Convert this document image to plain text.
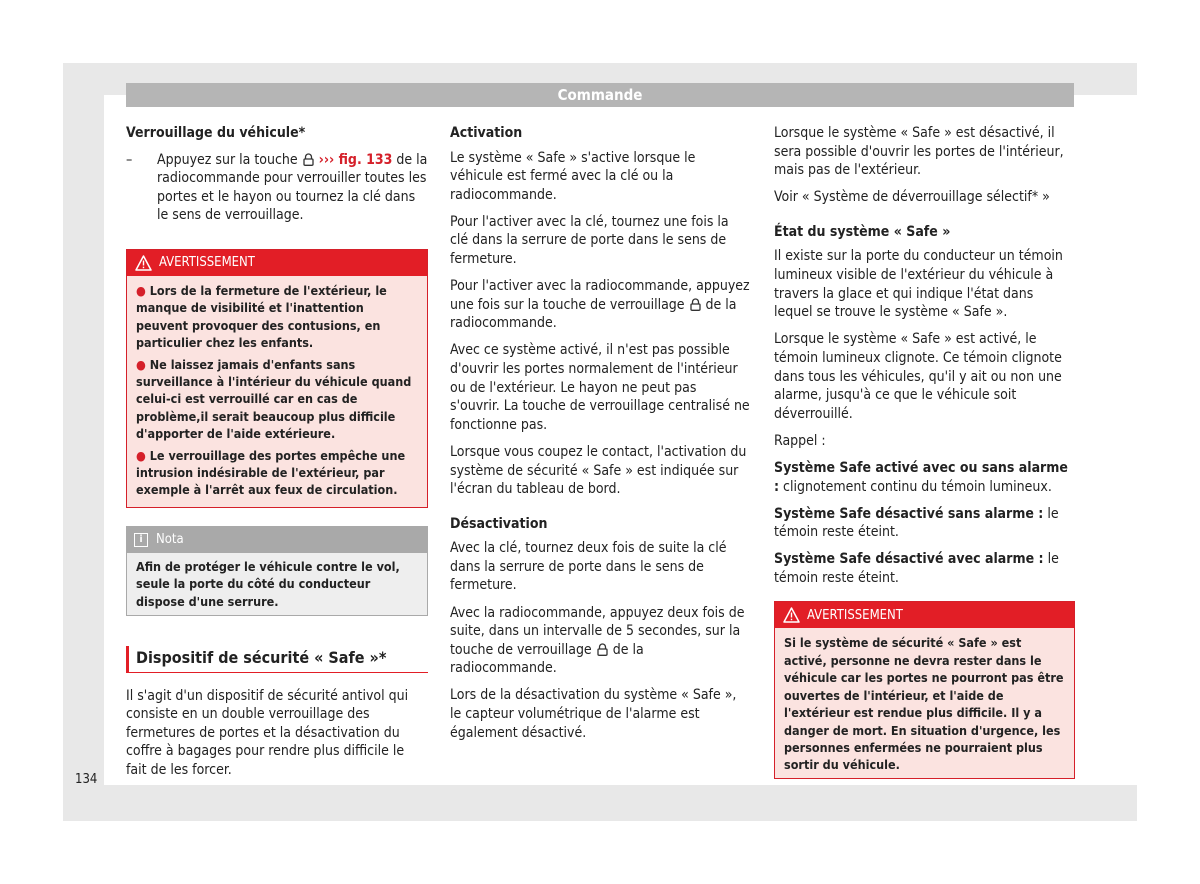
Commande

Verrouillage du véhicule*

– Appuyez sur la touche ››› fig. 133 de la radiocommande pour verrouiller toutes les portes et le hayon ou tournez la clé dans le sens de verrouillage.
AVERTISSEMENT

● Lors de la fermeture de l'extérieur, le manque de visibilité et l'inattention peuvent provoquer des contusions, en particulier chez les enfants.

● Ne laissez jamais d'enfants sans surveillance à l'intérieur du véhicule quand celui-ci est verrouillé car en cas de problème,il serait beaucoup plus difficile d'apporter de l'aide extérieure.

● Le verrouillage des portes empêche une intrusion indésirable de l'extérieur, par exemple à l'arrêt aux feux de circulation.

i	Nota
Afin de protéger le véhicule contre le vol, seule la porte du côté du conducteur dispose d'une serrure.
Dispositif de sécurité « Safe »*

Il s'agit d'un dispositif de sécurité antivol qui consiste en un double verrouillage des fermetures de portes et la désactivation du coffre à bagages pour rendre plus difficile le fait de les forcer.

Activation

Le système « Safe » s'active lorsque le véhicule est fermé avec la clé ou la radiocommande.

Pour l'activer avec la clé, tournez une fois la clé dans la serrure de porte dans le sens de fermeture.

Pour l'activer avec la radiocommande, appuyez une fois sur la touche de verrouillage de la radiocommande.

Avec ce système activé, il n'est pas possible d'ouvrir les portes normalement de l'intérieur ou de l'extérieur. Le hayon ne peut pas s'ouvrir. La touche de verrouillage centralisé ne fonctionne pas.

Lorsque vous coupez le contact, l'activation du système de sécurité « Safe » est indiquée sur l'écran du tableau de bord.

Désactivation

Avec la clé, tournez deux fois de suite la clé dans la serrure de porte dans le sens de fermeture.

Avec la radiocommande, appuyez deux fois de suite, dans un intervalle de 5 secondes, sur la touche de verrouillage de la radiocommande.

Lors de la désactivation du système « Safe », le capteur volumétrique de l'alarme est également désactivé.

Lorsque le système « Safe » est désactivé, il sera possible d'ouvrir les portes de l'intérieur, mais pas de l'extérieur.

Voir « Système de déverrouillage sélectif* »

État du système « Safe »

Il existe sur la porte du conducteur un témoin lumineux visible de l'extérieur du véhicule à travers la glace et qui indique l'état dans lequel se trouve le système « Safe ».

Lorsque le système « Safe » est activé, le témoin lumineux clignote. Ce témoin clignote dans tous les véhicules, qu'il y ait ou non une alarme, jusqu'à ce que le véhicule soit déverrouillé.

Rappel :

Système Safe activé avec ou sans alarme : clignotement continu du témoin lumineux.

Système Safe désactivé sans alarme : le témoin reste éteint.

Système Safe désactivé avec alarme : le témoin reste éteint.

AVERTISSEMENT
Si le système de sécurité « Safe » est activé, personne ne devra rester dans le véhicule car les portes ne pourront pas être ouvertes de l'intérieur, et l'aide de l'extérieur est rendue plus difficile. Il y a danger de mort. En situation d'urgence, les personnes enfermées ne pourraient plus sortir du véhicule.
134
